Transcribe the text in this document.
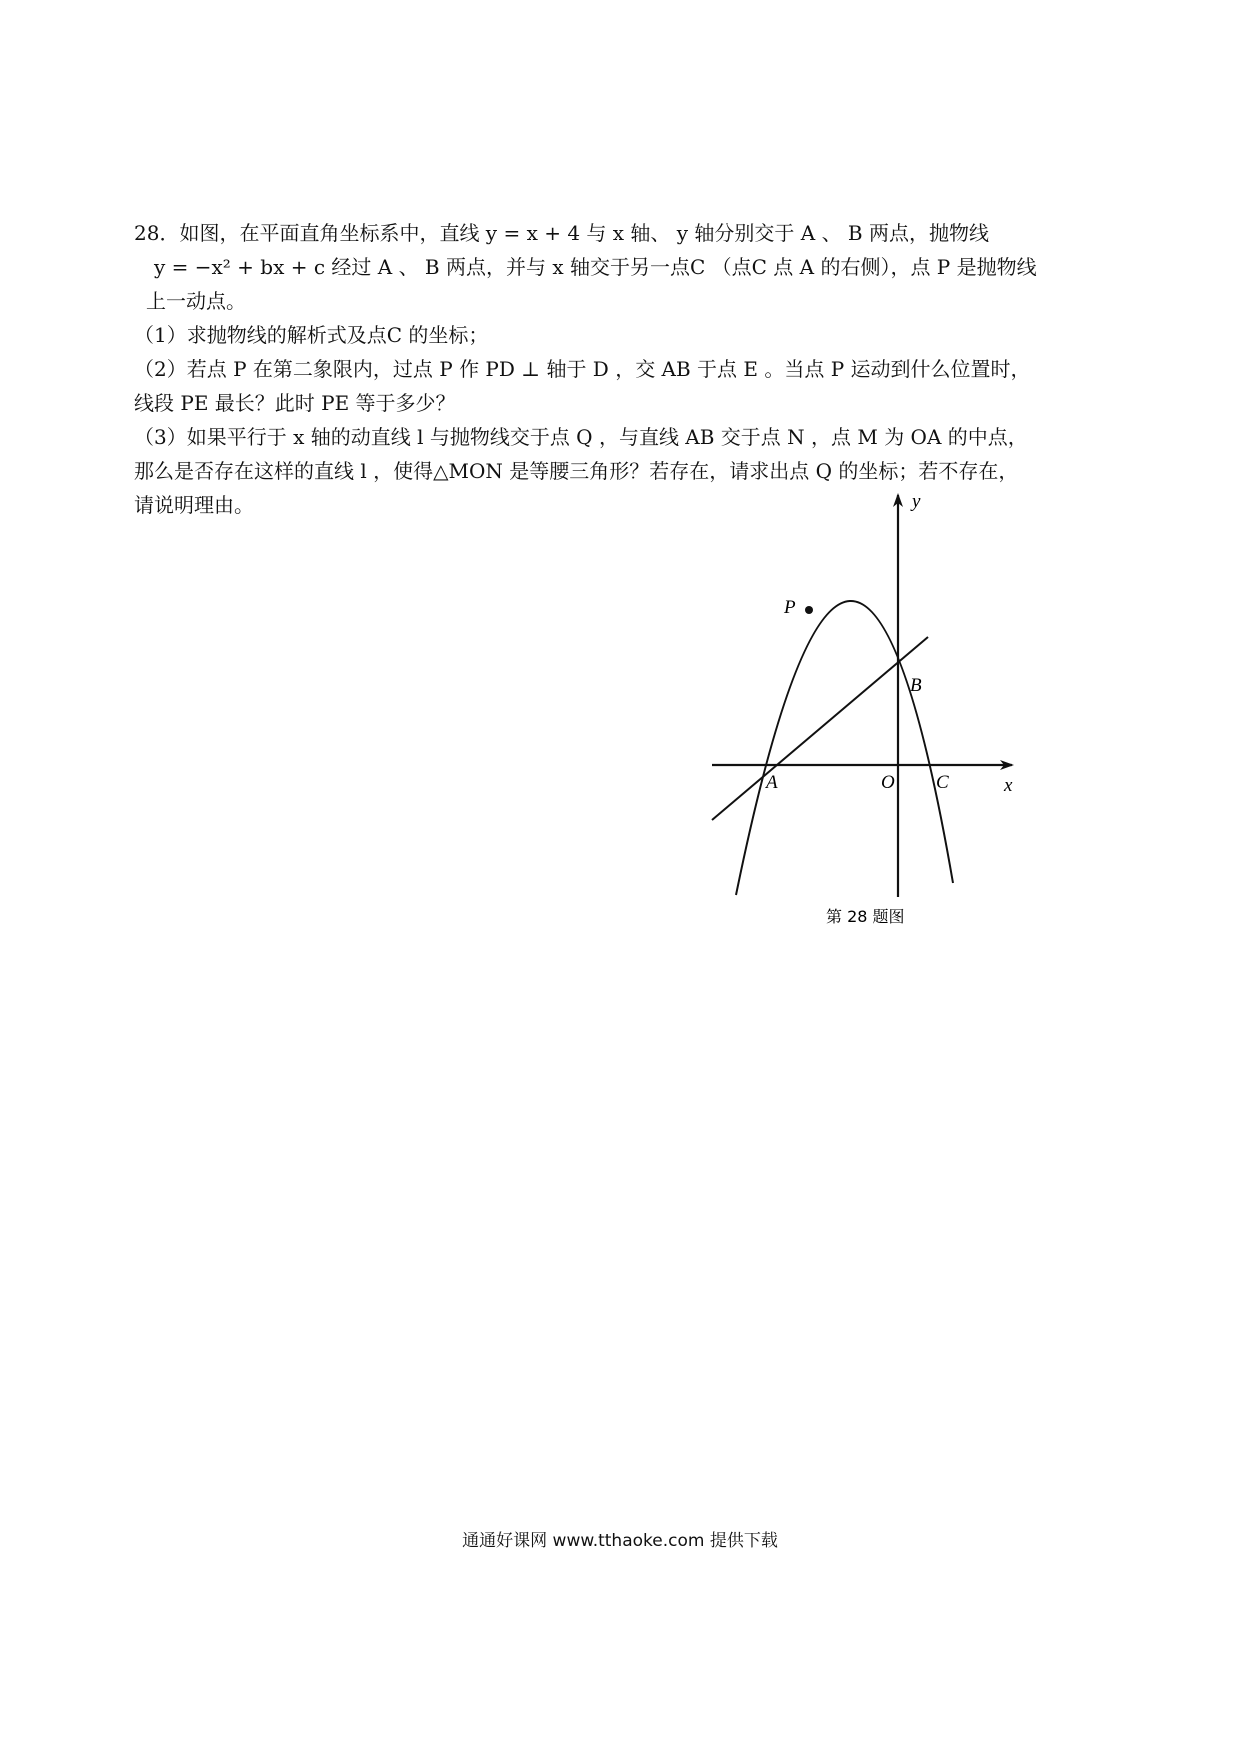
28．如图，在平面直角坐标系中，直线 y = x + 4 与 x 轴、 y 轴分别交于 A 、 B 两点，抛物线

y = −x² + bx + c 经过 A 、 B 两点，并与 x 轴交于另一点C （点C 点 A 的右侧），点 P 是抛物线

上一动点。

（1）求抛物线的解析式及点C 的坐标；

（2）若点 P 在第二象限内，过点 P 作 PD ⊥ 轴于 D ，交 AB 于点 E 。当点 P 运动到什么位置时，

线段 PE 最长？此时 PE 等于多少？

（3）如果平行于 x 轴的动直线 l 与抛物线交于点 Q ，与直线 AB 交于点 N ，点 M 为 OA 的中点，

那么是否存在这样的直线 l ，使得△MON 是等腰三角形？若存在，请求出点 Q 的坐标；若不存在，

请说明理由。	y
x
P
B
A	O C
第 28 题图
通通好课网 www.tthaoke.com 提供下载
